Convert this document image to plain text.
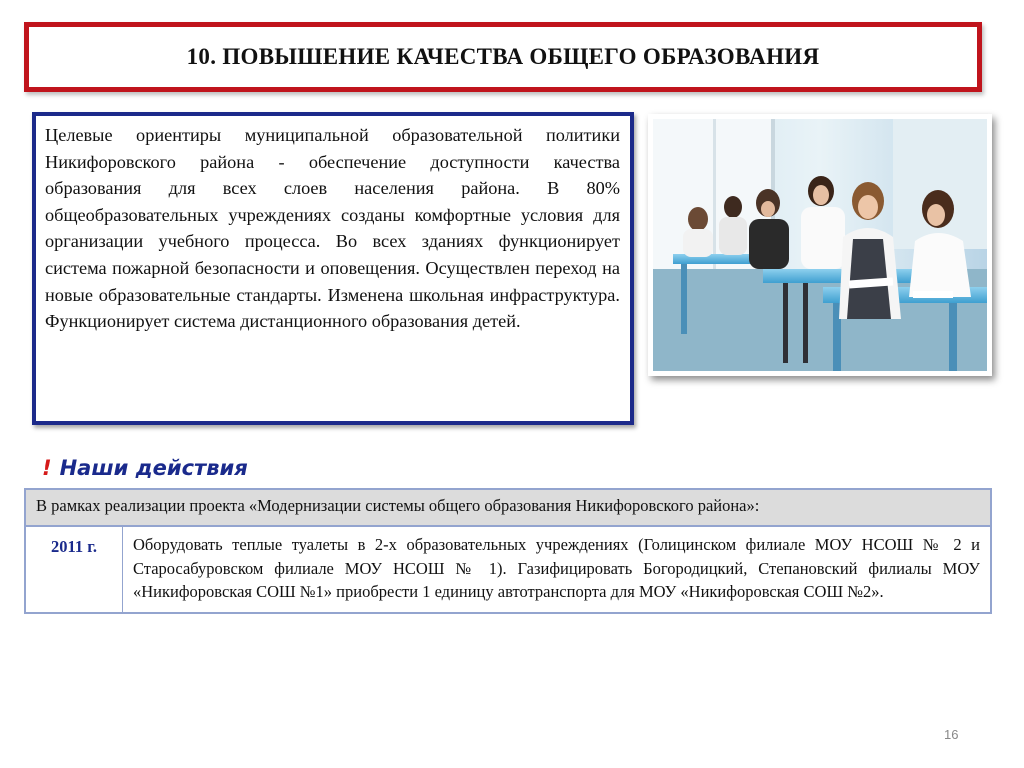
10. ПОВЫШЕНИЕ КАЧЕСТВА ОБЩЕГО ОБРАЗОВАНИЯ

Целевые ориентиры муниципальной образовательной политики Никифоровского района - обеспечение доступности качества образования для всех слоев населения района. В 80% общеобразовательных учреждениях созданы комфортные условия для организации учебного процесса. Во всех зданиях функционирует система пожарной безопасности и оповещения. Осуществлен переход на новые образовательные стандарты. Изменена школьная инфраструктура. Функционирует система дистанционного образования детей.

! Наши действия
В рамках реализации проекта «Модернизации системы общего образования Никифоровского района»:
2011 г.	Оборудовать теплые туалеты в 2-х образовательных учреждениях (Голицинском филиале МОУ НСОШ № 2 и Старосабуровском филиале МОУ НСОШ № 1). Газифицировать Богородицкий, Степановский филиалы МОУ «Никифоровская СОШ №1» приобрести 1 единицу автотранспорта для МОУ «Никифоровская СОШ №2».
16
